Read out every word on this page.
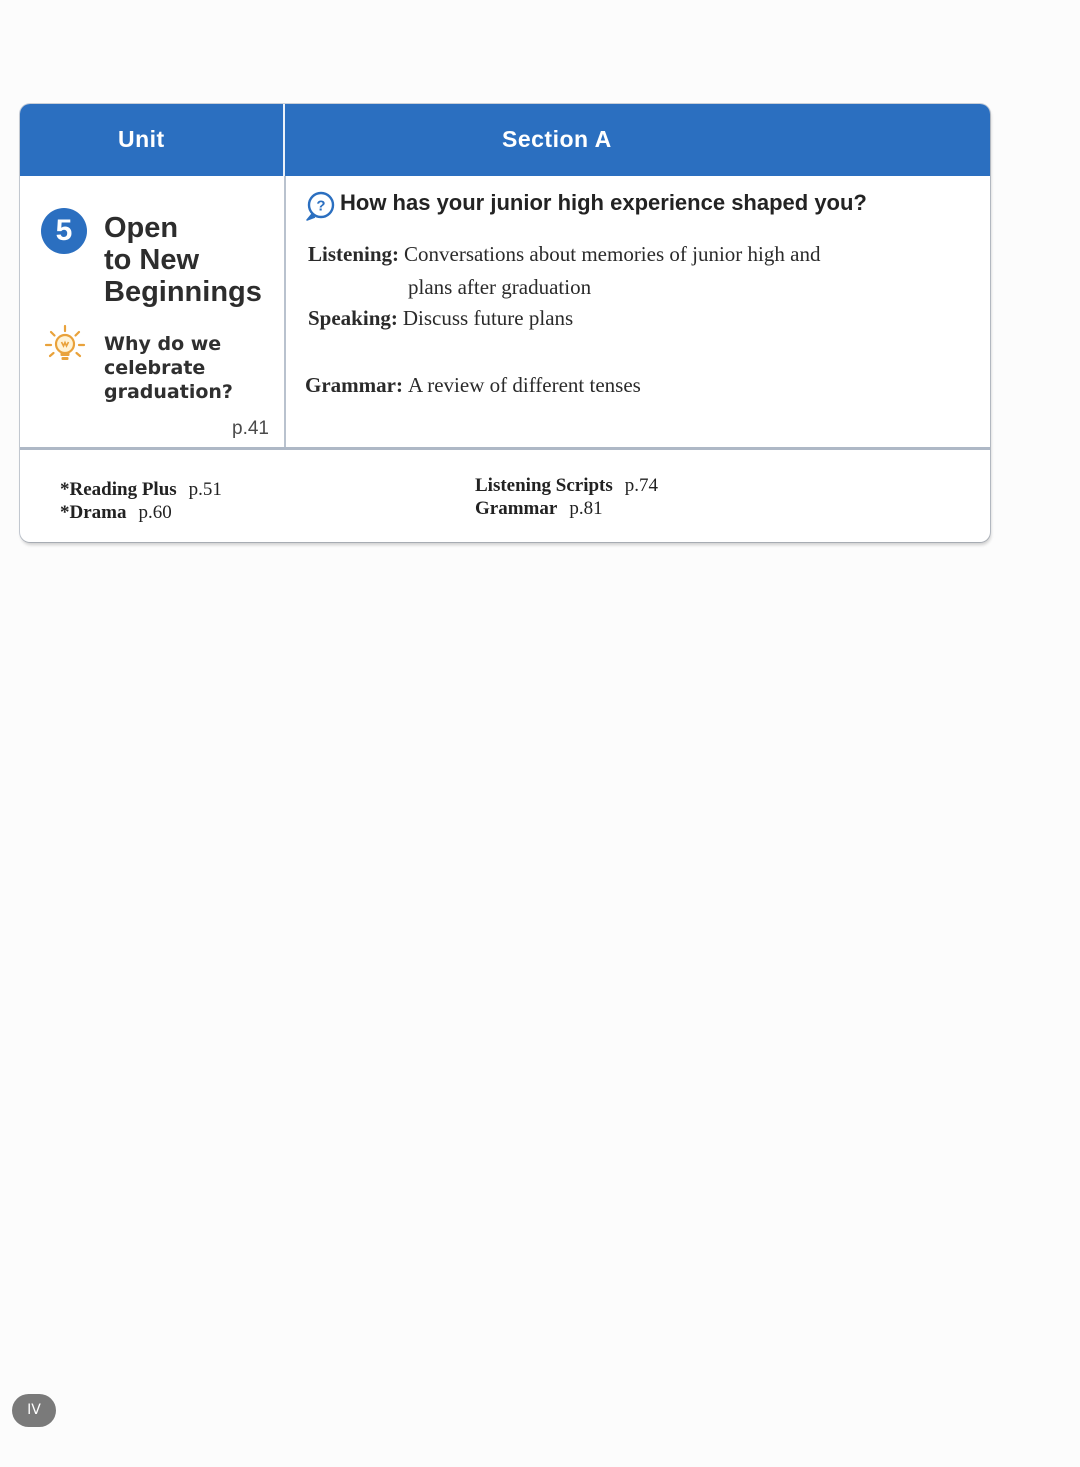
Unit	Section A
5	Open
to New
Beginnings
Why do we
celebrate
graduation?
p.41
? How has your junior high experience shaped you?
Listening: Conversations about memories of junior high and
plans after graduation
Speaking: Discuss future plans
Grammar: A review of different tenses
*Reading Plus p.51
*Drama p.60
Listening Scripts p.74
Grammar p.81
IV
